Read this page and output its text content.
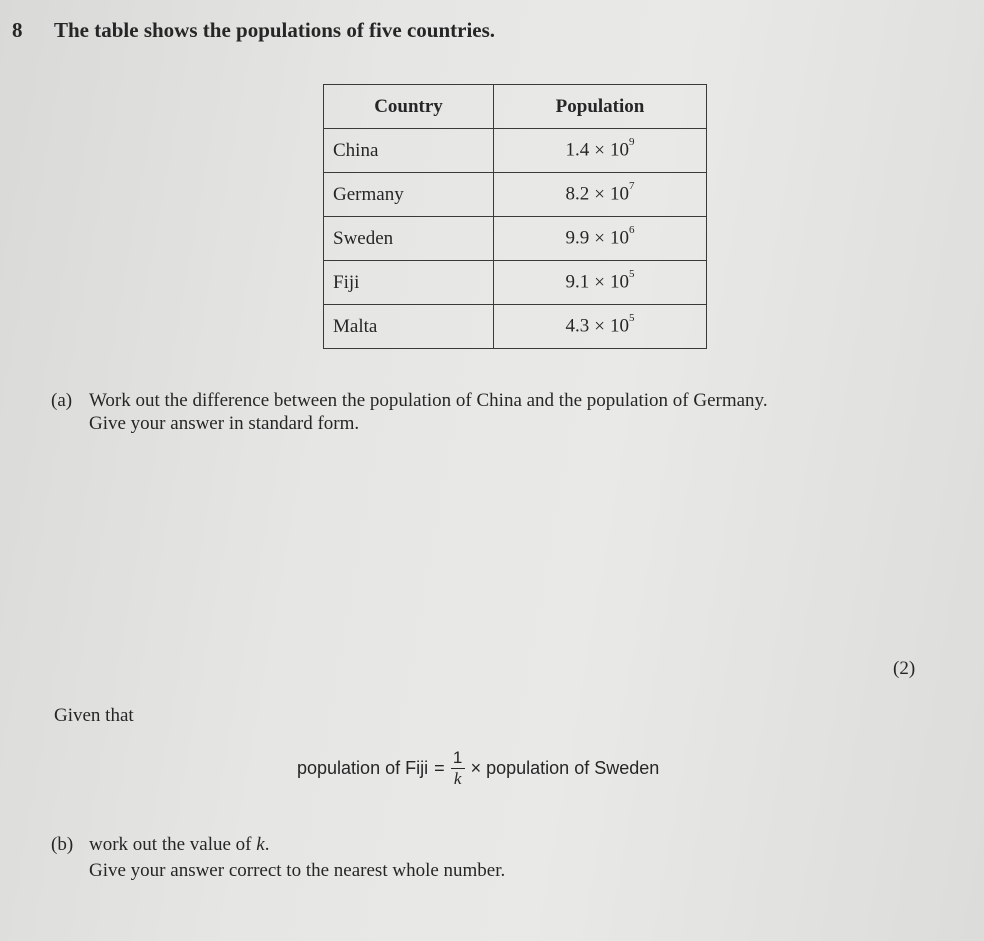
8 The table shows the populations of five countries.
Country	Population
China	$1.4 \times 10^9$
Germany	$8.2 \times 10^7$
Sweden	$9.9 \times 10^6$
Fiji	$9.1 \times 10^5$
Malta	$4.3 \times 10^5$
(a) Work out the difference between the population of China and the population of Germany.
Give your answer in standard form.
(2)
Given that
population of Fiji = $\frac{1}{k}$ × population of Sweden
(b) work out the value of k.
Give your answer correct to the nearest whole number.
